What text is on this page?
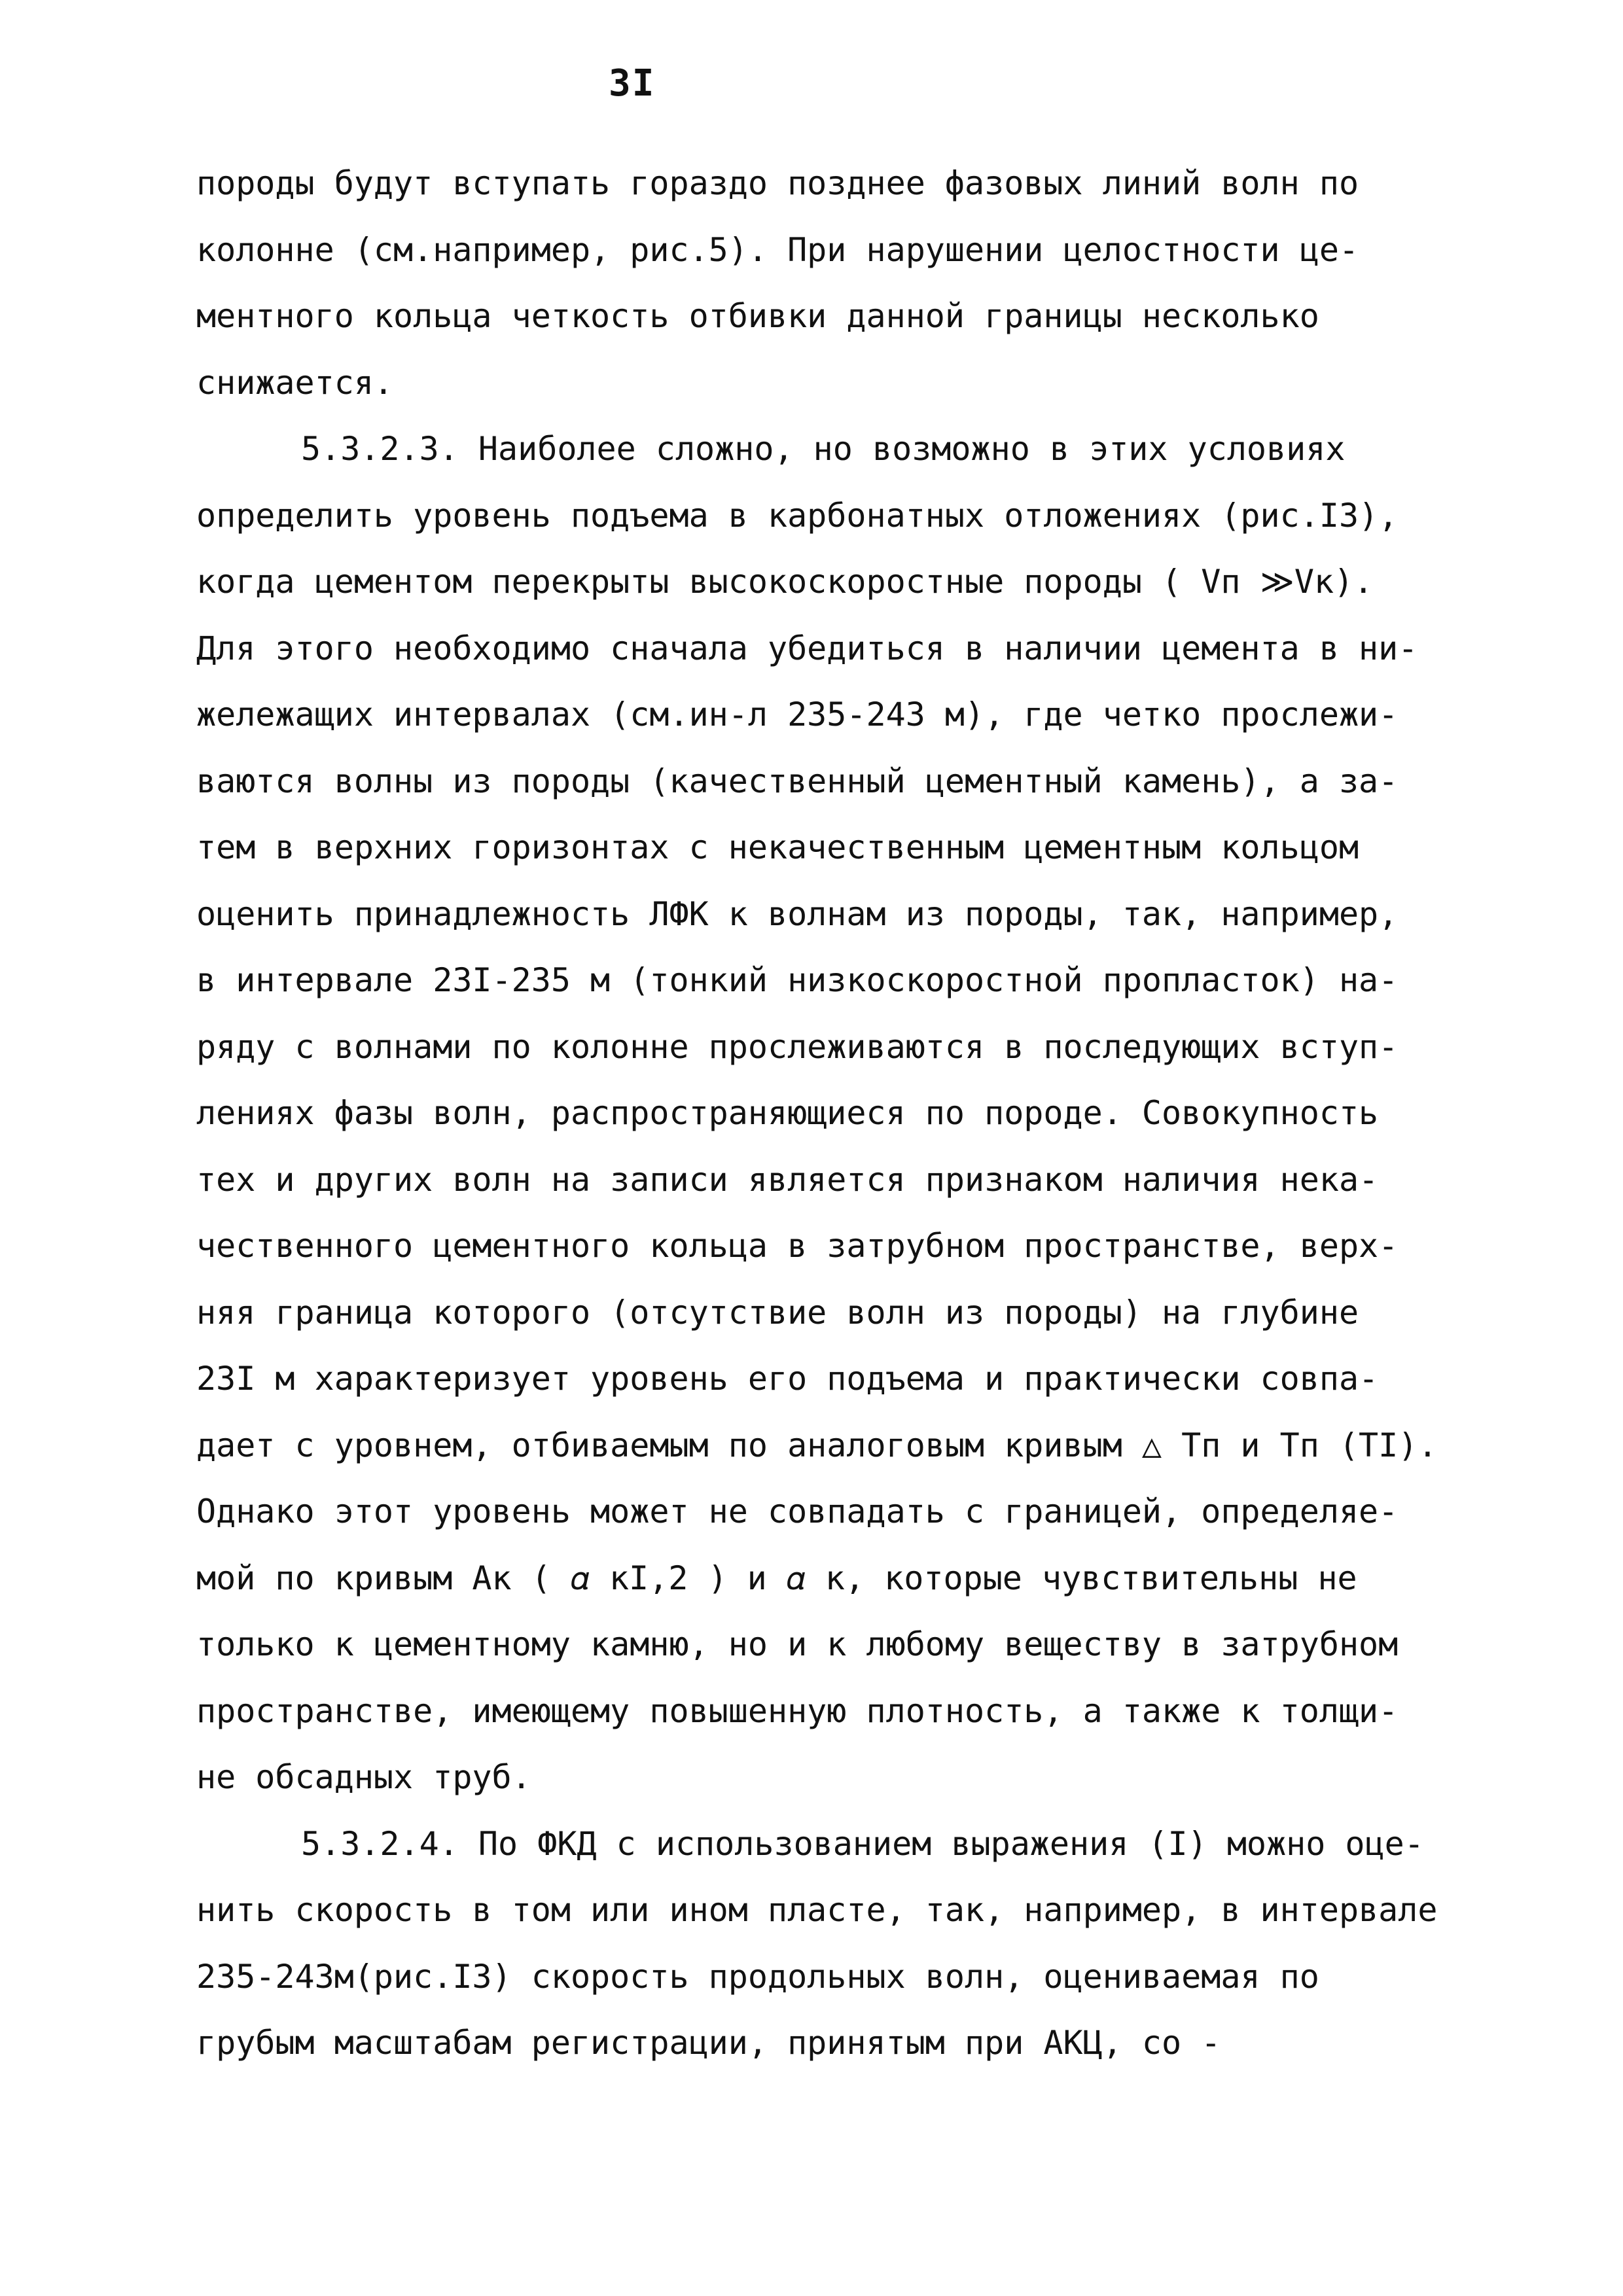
3I
породы будут вступать гораздо позднее фазовых линий волн по
колонне (см.например, рис.5). При нарушении целостности це-
ментного кольца четкость отбивки данной границы несколько
снижается.
5.3.2.3. Наиболее сложно, но возможно в этих условиях
определить уровень подъема в карбонатных отложениях (рис.I3),
когда цементом перекрыты высокоскоростные породы ( Vп ≫Vк).
Для этого необходимо сначала убедиться в наличии цемента в ни-
жележащих интервалах (см.ин-л 235-243 м), где четко прослежи-
ваются волны из породы (качественный цементный камень), а за-
тем в верхних горизонтах с некачественным цементным кольцом
оценить принадлежность ЛФК к волнам из породы, так, например,
в интервале 23I-235 м (тонкий низкоскоростной пропласток) на-
ряду с волнами по колонне прослеживаются в последующих вступ-
лениях фазы волн, распространяющиеся по породе. Совокупность
тех и других волн на записи является признаком наличия нека-
чественного цементного кольца в затрубном пространстве, верх-
няя граница которого (отсутствие волн из породы) на глубине
23I м характеризует уровень его подъема и практически совпа-
дает с уровнем, отбиваемым по аналоговым кривым △ Тп и Тп (TI).
Однако этот уровень может не совпадать с границей, определяе-
мой по кривым Ак ( 𝛼 кI,2 ) и 𝛼 к, которые чувствительны не
только к цементному камню, но и к любому веществу в затрубном
пространстве, имеющему повышенную плотность, а также к толщи-
не обсадных труб.
5.3.2.4. По ФКД с использованием выражения (I) можно оце-
нить скорость в том или ином пласте, так, например, в интервале
235-243м(рис.I3) скорость продольных волн, оцениваемая по
грубым масштабам регистрации, принятым при АКЦ, со -
